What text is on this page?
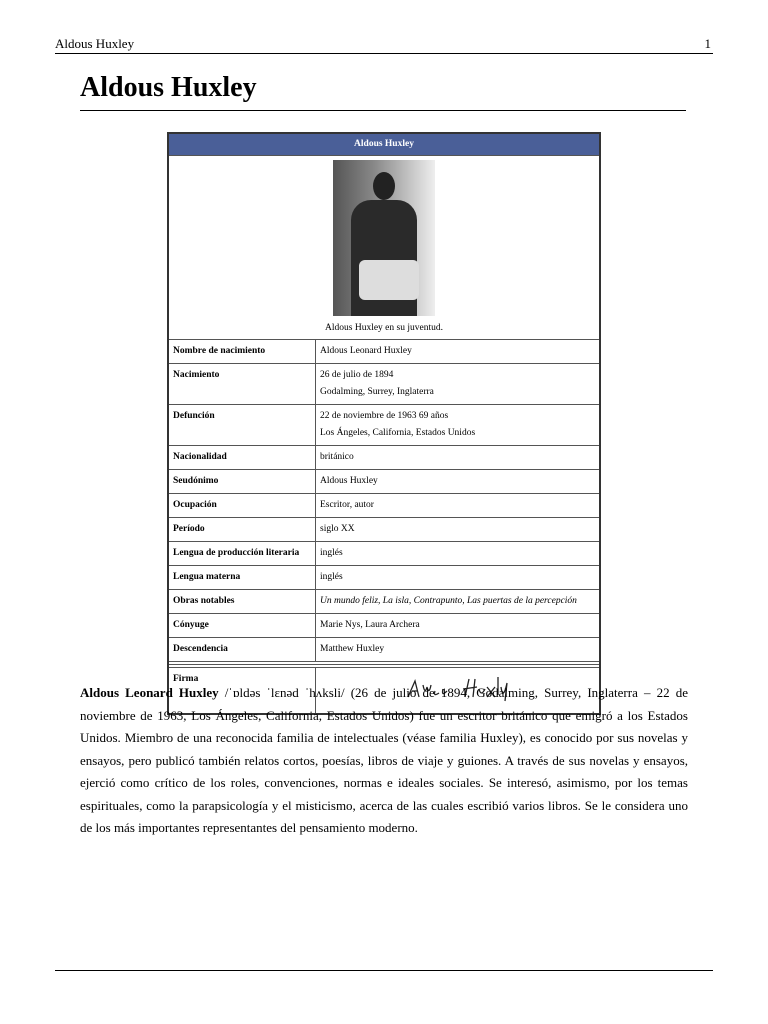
Aldous Huxley	1
Aldous Huxley
Aldous Huxley	

Aldous Huxley en su juventud.	
Nombre de nacimiento	Aldous Leonard Huxley
Nacimiento	26 de julio de 1894
Godalming, Surrey, Inglaterra
Defunción	22 de noviembre de 1963 69 años
Los Ángeles, California, Estados Unidos
Nacionalidad	británico
Seudónimo	Aldous Huxley
Ocupación	Escritor, autor
Período	siglo XX
Lengua de producción literaria	inglés
Lengua materna	inglés
Obras notables	Un mundo feliz, La isla, Contrapunto, Las puertas de la percepción
Cónyuge	Marie Nys, Laura Archera
Descendencia	Matthew Huxley

Firma	
Aldous Leonard Huxley /ˈɒldəs ˈlɛnəd ˈhʌksli/ (26 de julio de 1894, Godalming, Surrey, Inglaterra – 22 de noviembre de 1963, Los Ángeles, California, Estados Unidos) fue un escritor británico que emigró a los Estados Unidos. Miembro de una reconocida familia de intelectuales (véase familia Huxley), es conocido por sus novelas y ensayos, pero publicó también relatos cortos, poesías, libros de viaje y guiones. A través de sus novelas y ensayos, ejerció como crítico de los roles, convenciones, normas e ideales sociales. Se interesó, asimismo, por los temas espirituales, como la parapsicología y el misticismo, acerca de las cuales escribió varios libros. Se le considera uno de los más importantes representantes del pensamiento moderno.
